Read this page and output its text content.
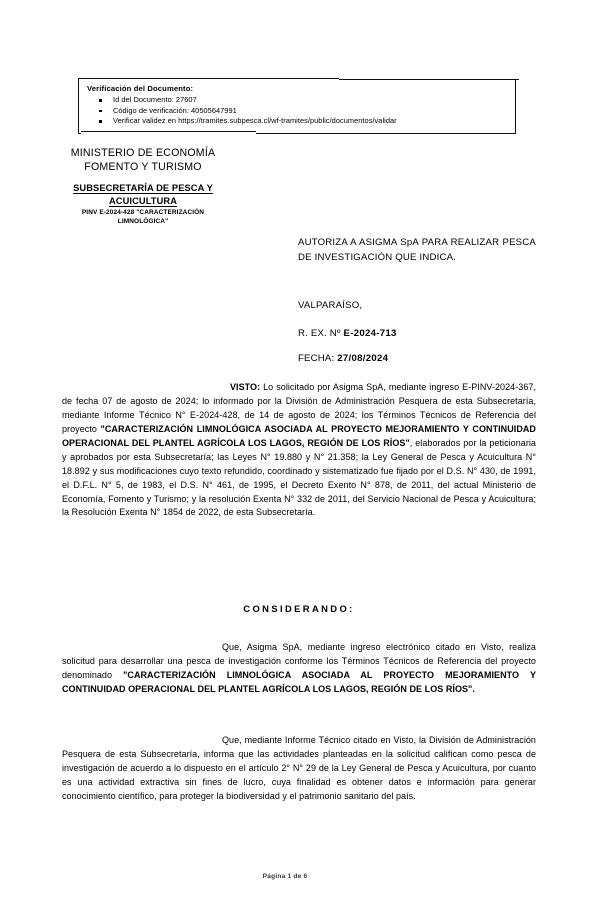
Verificación del Documento:
Id del Documento: 27607
Código de verificación: 40505647991
Verificar validez en https://tramites.subpesca.cl/wf-tramites/public/documentos/validar
MINISTERIO DE ECONOMÍA
FOMENTO Y TURISMO
SUBSECRETARÍA DE PESCA Y
ACUICULTURA
PINV E-2024-428 "CARACTERIZACIÓN
LIMNOLÓGICA"
AUTORIZA A ASIGMA SpA PARA REALIZAR PESCA DE INVESTIGACIÓN QUE INDICA.
VALPARAÍSO,
R. EX. Nº E-2024-713
FECHA: 27/08/2024
VISTO: Lo solicitado por Asigma SpA, mediante ingreso E-PINV-2024-367, de fecha 07 de agosto de 2024; lo informado por la División de Administración Pesquera de esta Subsecretaría, mediante Informe Técnico N° E-2024-428, de 14 de agosto de 2024; los Términos Técnicos de Referencia del proyecto "CARACTERIZACIÓN LIMNOLÓGICA ASOCIADA AL PROYECTO MEJORAMIENTO Y CONTINUIDAD OPERACIONAL DEL PLANTEL AGRÍCOLA LOS LAGOS, REGIÓN DE LOS RÍOS", elaborados por la peticionaria y aprobados por esta Subsecretaría; las Leyes N° 19.880 y N° 21.358; la Ley General de Pesca y Acuicultura N° 18.892 y sus modificaciones cuyo texto refundido, coordinado y sistematizado fue fijado por el D.S. N° 430, de 1991, el D.F.L. N° 5, de 1983, el D.S. N° 461, de 1995, el Decreto Exento N° 878, de 2011, del actual Ministerio de Economía, Fomento y Turismo; y la resolución Exenta N° 332 de 2011, del Servicio Nacional de Pesca y Acuicultura; la Resolución Exenta N° 1854 de 2022, de esta Subsecretaría.
CONSIDERANDO:
Que, Asigma SpA, mediante ingreso electrónico citado en Visto, realiza solicitud para desarrollar una pesca de investigación conforme los Términos Técnicos de Referencia del proyecto denominado "CARACTERIZACIÓN LIMNOLÓGICA ASOCIADA AL PROYECTO MEJORAMIENTO Y CONTINUIDAD OPERACIONAL DEL PLANTEL AGRÍCOLA LOS LAGOS, REGIÓN DE LOS RÍOS".
Que, mediante Informe Técnico citado en Visto, la División de Administración Pesquera de esta Subsecretaría, informa que las actividades planteadas en la solicitud califican como pesca de investigación de acuerdo a lo dispuesto en el artículo 2° N° 29 de la Ley General de Pesca y Acuicultura, por cuanto es una actividad extractiva sin fines de lucro, cuya finalidad es obtener datos e información para generar conocimiento científico, para proteger la biodiversidad y el patrimonio sanitario del país.
Página 1 de 6
